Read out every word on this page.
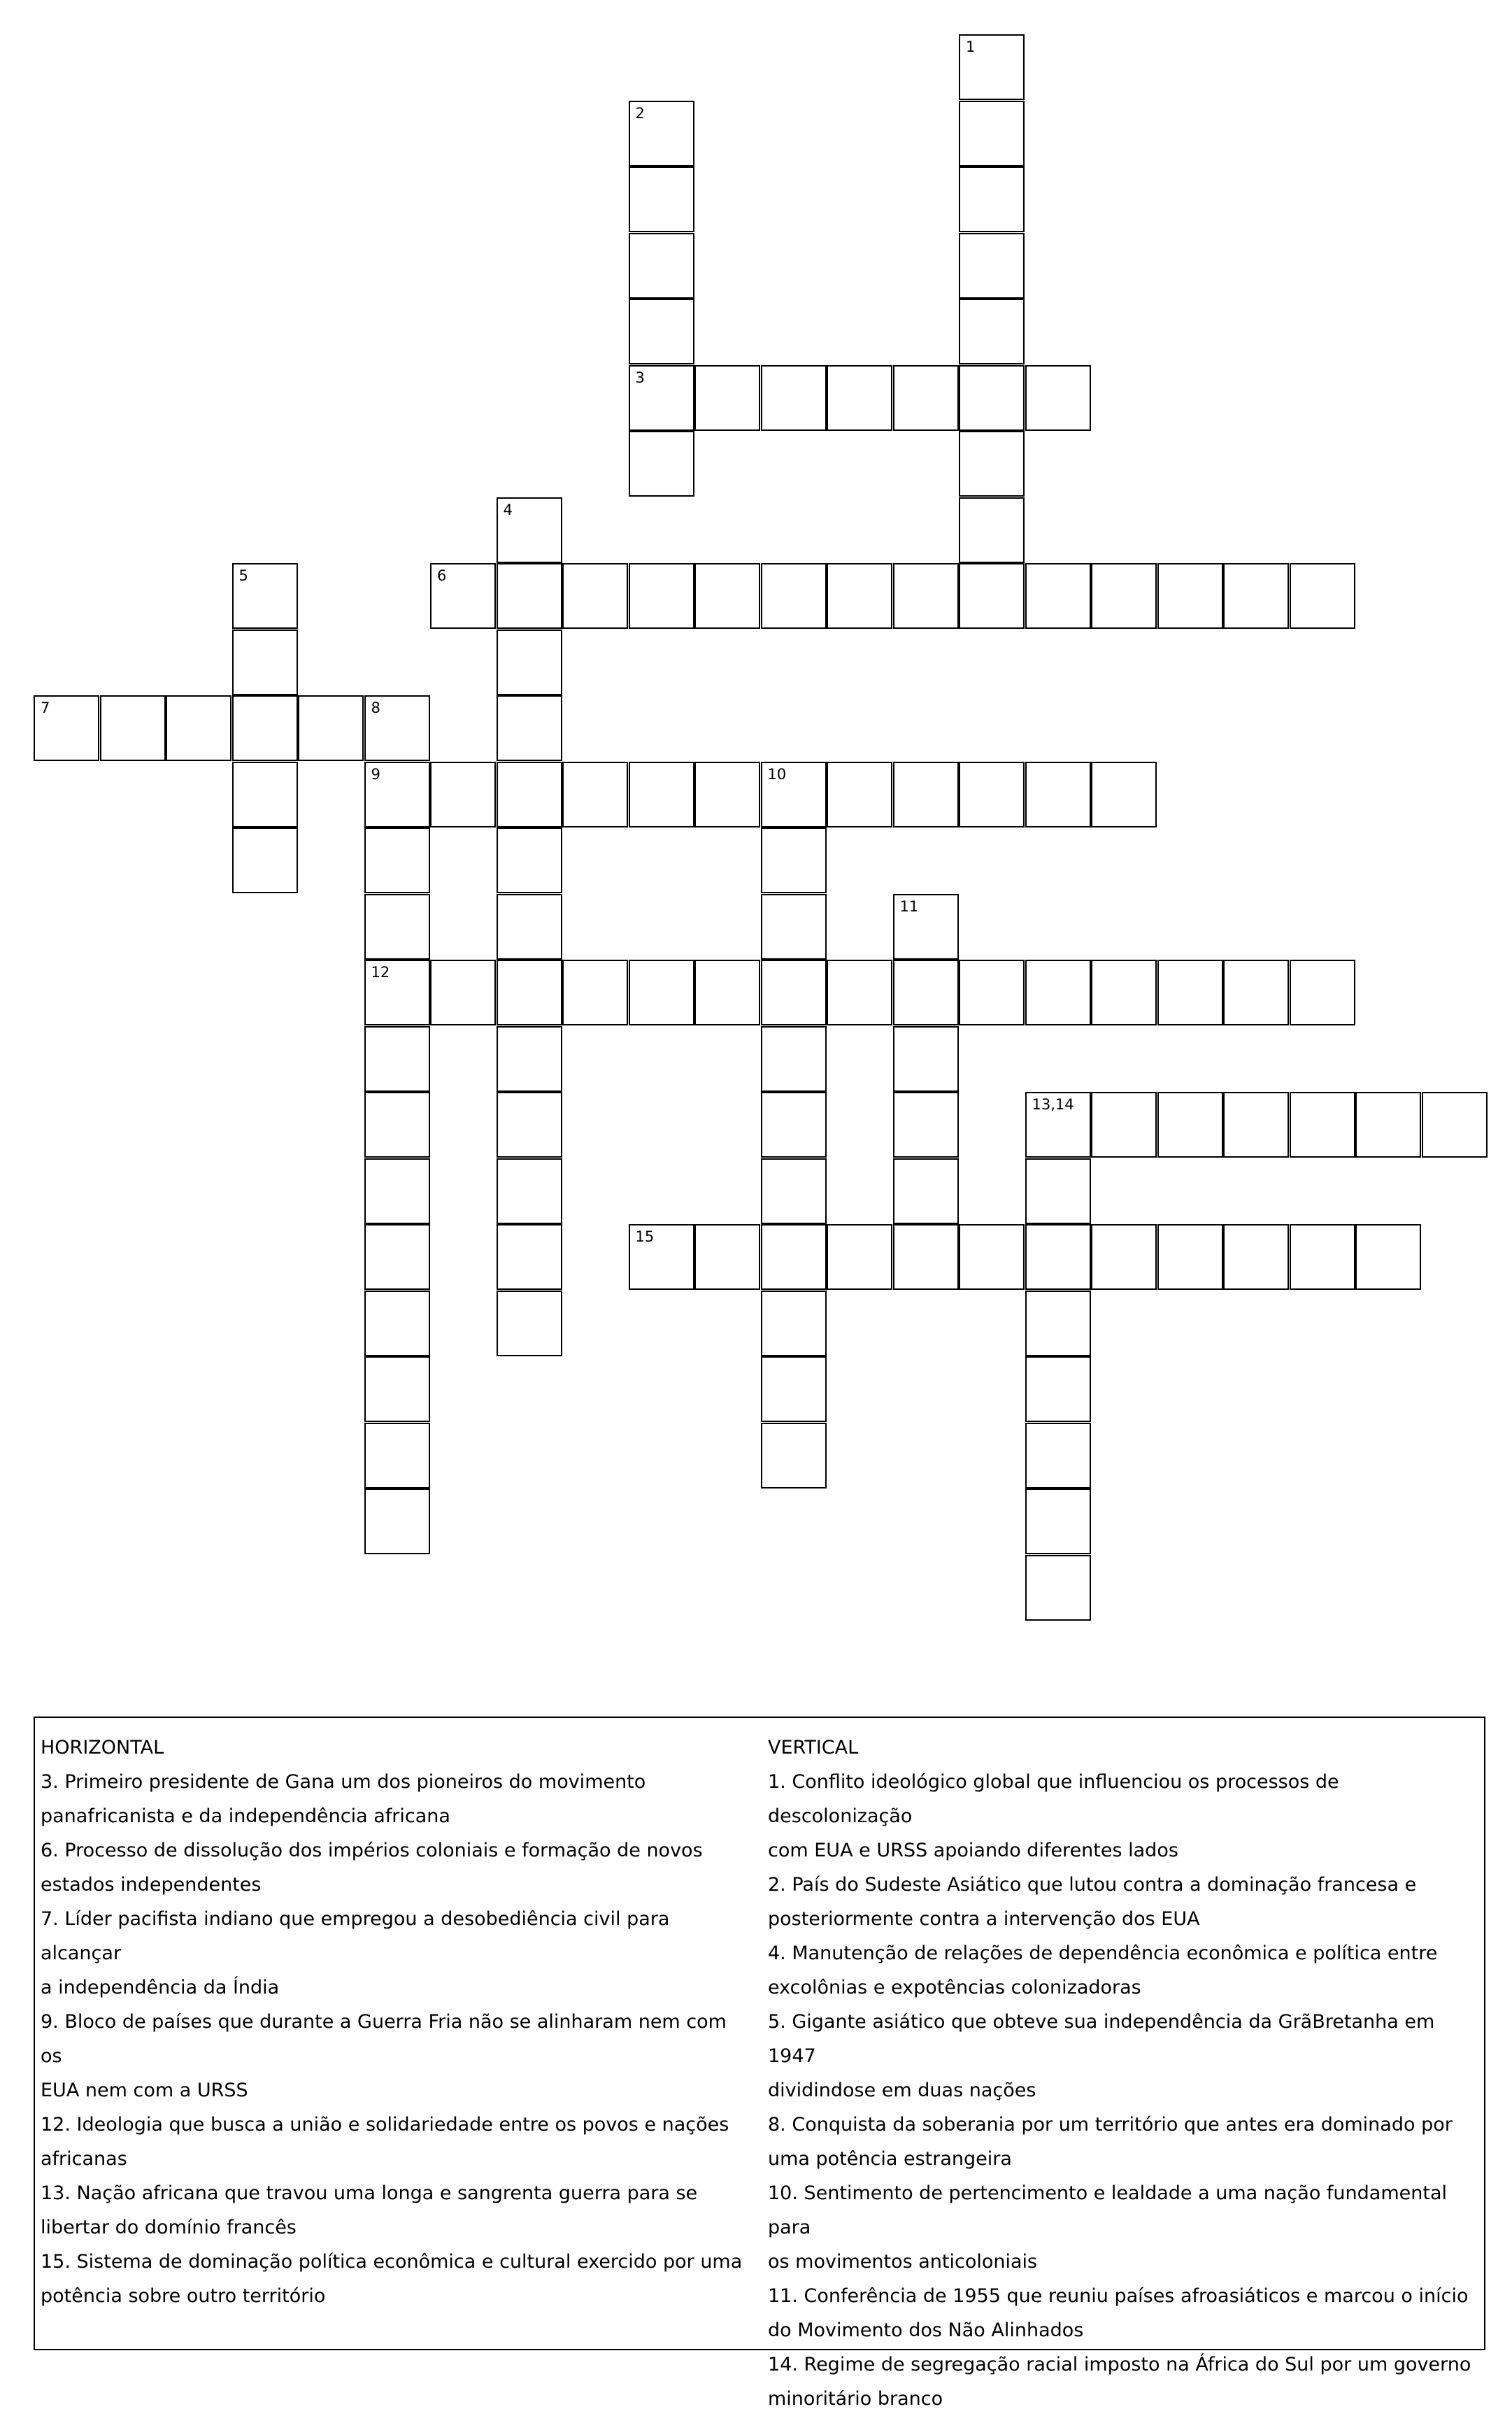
1
2
3
4
5	6
7	8
9
12
10
11
13,14
15

HORIZONTAL

3. Primeiro presidente de Gana um dos pioneiros do movimento

panafricanista e da independência africana

6. Processo de dissolução dos impérios coloniais e formação de novos

estados independentes

7. Líder pacifista indiano que empregou a desobediência civil para alcançar

a independência da Índia

9. Bloco de países que durante a Guerra Fria não se alinharam nem com os

EUA nem com a URSS

12. Ideologia que busca a união e solidariedade entre os povos e nações

africanas

13. Nação africana que travou uma longa e sangrenta guerra para se

libertar do domínio francês

15. Sistema de dominação política econômica e cultural exercido por uma

potência sobre outro território

VERTICAL

1. Conflito ideológico global que influenciou os processos de descolonização

com EUA e URSS apoiando diferentes lados

2. País do Sudeste Asiático que lutou contra a dominação francesa e

posteriormente contra a intervenção dos EUA

4. Manutenção de relações de dependência econômica e política entre

excolônias e expotências colonizadoras

5. Gigante asiático que obteve sua independência da GrãBretanha em 1947

dividindose em duas nações

8. Conquista da soberania por um território que antes era dominado por

uma potência estrangeira

10. Sentimento de pertencimento e lealdade a uma nação fundamental para

os movimentos anticoloniais

11. Conferência de 1955 que reuniu países afroasiáticos e marcou o início

do Movimento dos Não Alinhados

14. Regime de segregação racial imposto na África do Sul por um governo

minoritário branco
